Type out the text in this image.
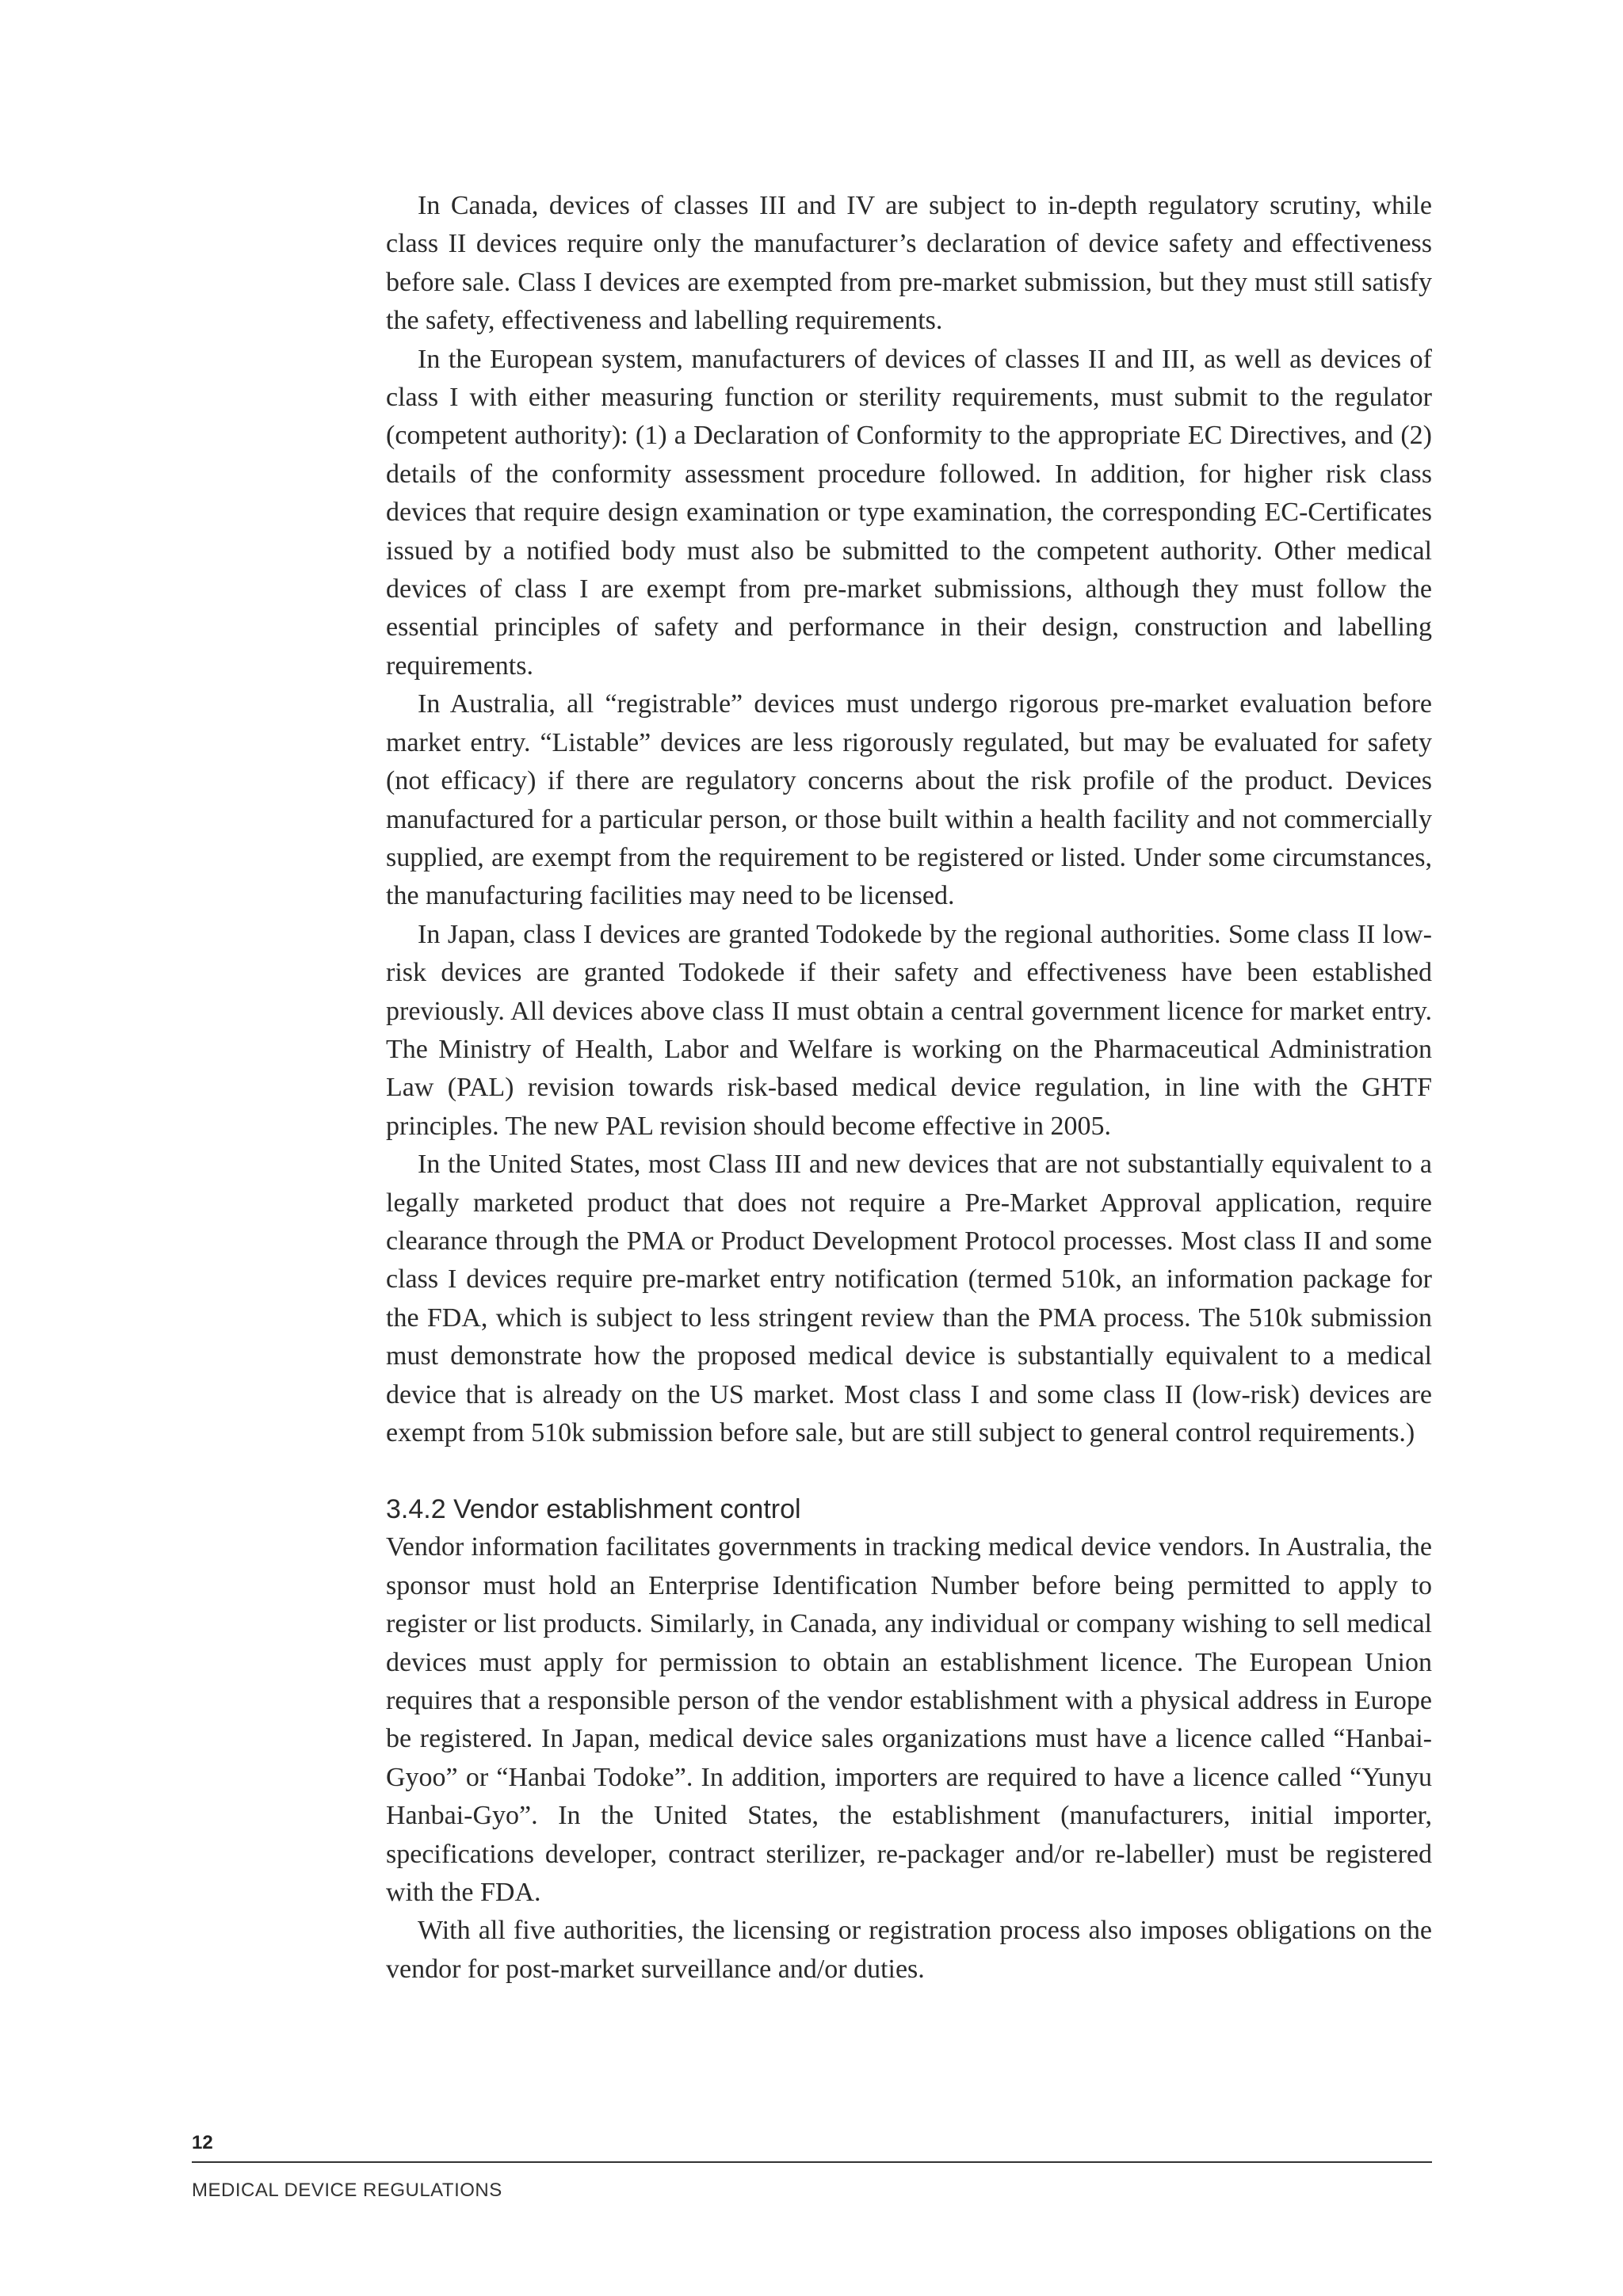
In Canada, devices of classes III and IV are subject to in-depth regulatory scrutiny, while class II devices require only the manufacturer’s declaration of device safety and effectiveness before sale. Class I devices are exempted from pre-market submission, but they must still satisfy the safety, effectiveness and labelling requirements.

In the European system, manufacturers of devices of classes II and III, as well as devices of class I with either measuring function or sterility requirements, must submit to the regulator (competent authority): (1) a Declaration of Conformity to the appropriate EC Directives, and (2) details of the conformity assessment procedure followed. In addition, for higher risk class devices that require design examination or type examination, the corresponding EC-Certificates issued by a notified body must also be submitted to the competent authority. Other medical devices of class I are exempt from pre-market submissions, although they must follow the essential principles of safety and performance in their design, construction and labelling requirements.

In Australia, all “registrable” devices must undergo rigorous pre-market evaluation before market entry. “Listable” devices are less rigorously regulated, but may be evaluated for safety (not efficacy) if there are regulatory concerns about the risk profile of the product. Devices manufactured for a particular person, or those built within a health facility and not commercially supplied, are exempt from the requirement to be registered or listed. Under some circumstances, the manufacturing facilities may need to be licensed.

In Japan, class I devices are granted Todokede by the regional authorities. Some class II low-risk devices are granted Todokede if their safety and effectiveness have been established previously. All devices above class II must obtain a central government licence for market entry. The Ministry of Health, Labor and Welfare is working on the Pharmaceutical Administration Law (PAL) revision towards risk-based medical device regulation, in line with the GHTF principles. The new PAL revision should become effective in 2005.

In the United States, most Class III and new devices that are not substantially equivalent to a legally marketed product that does not require a Pre-Market Approval application, require clearance through the PMA or Product Development Protocol processes. Most class II and some class I devices require pre-market entry notification (termed 510k, an information package for the FDA, which is subject to less stringent review than the PMA process. The 510k submission must demonstrate how the proposed medical device is substantially equivalent to a medical device that is already on the US market. Most class I and some class II (low-risk) devices are exempt from 510k submission before sale, but are still subject to general control requirements.)

3.4.2 Vendor establishment control

Vendor information facilitates governments in tracking medical device vendors. In Australia, the sponsor must hold an Enterprise Identification Number before being permitted to apply to register or list products. Similarly, in Canada, any individual or company wishing to sell medical devices must apply for permission to obtain an establishment licence. The European Union requires that a responsible person of the vendor establishment with a physical address in Europe be registered. In Japan, medical device sales organizations must have a licence called “Hanbai-Gyoo” or “Hanbai Todoke”. In addition, importers are required to have a licence called “Yunyu Hanbai-Gyo”. In the United States, the establishment (manufacturers, initial importer, specifications developer, contract sterilizer, re-packager and/or re-labeller) must be registered with the FDA.

With all five authorities, the licensing or registration process also imposes obligations on the vendor for post-market surveillance and/or duties.

12

MEDICAL DEVICE REGULATIONS
